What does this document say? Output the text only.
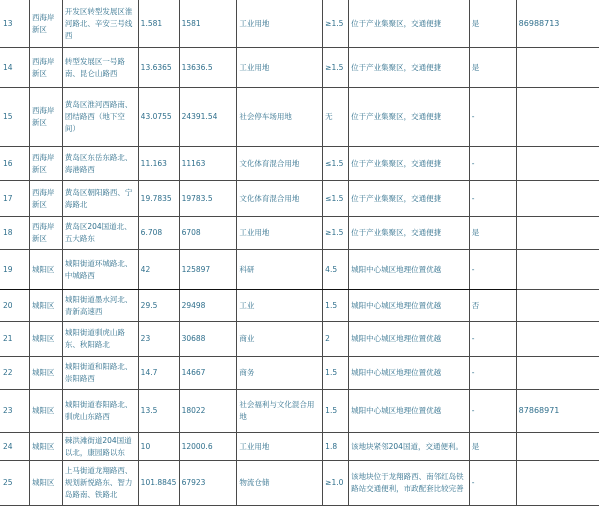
13	西海岸新区	开发区转型发展区淮河路北、辛安三号线西	1.581	1581	工业用地	≥1.5	位于产业集聚区，交通便捷	是	86988713
14	西海岸新区	转型发展区一号路南、昆仑山路西	13.6365	13636.5	工业用地	≥1.5	位于产业集聚区，交通便捷	是	
15	西海岸新区	黄岛区淮河西路南、团结路西（地下空间）	43.0755	24391.54	社会停车场用地	无	位于产业集聚区，交通便捷	-	
16	西海岸新区	黄岛区东岳东路北、海港路西	11.163	11163	文化体育混合用地	≤1.5	位于产业集聚区，交通便捷	-	
17	西海岸新区	黄岛区朝阳路西、宁海路北	19.7835	19783.5	文化体育混合用地	≤1.5	位于产业集聚区，交通便捷	-	
18	西海岸新区	黄岛区204国道北、五大路东	6.708	6708	工业用地	≥1.5	位于产业集聚区，交通便捷	是	
19	城阳区	城阳街道环城路北、中城路西	42	125897	科研	4.5	城阳中心城区地理位置优越	-	
20	城阳区	城阳街道墨水河北、青新高速西	29.5	29498	工业	1.5	城阳中心城区地理位置优越	否	
21	城阳区	城阳街道驯虎山路东、秋阳路北	23	30688	商业	2	城阳中心城区地理位置优越	-	
22	城阳区	城阳街道和阳路北、崇阳路西	14.7	14667	商务	1.5	城阳中心城区地理位置优越	-	
23	城阳区	城阳街道春阳路北、驯虎山东路西	13.5	18022	社会福利与文化混合用地	1.5	城阳中心城区地理位置优越	-	87868971
24	城阳区	棘洪滩街道204国道以北，康园路以东	10	12000.6	工业用地	1.8	该地块紧邻204国道，交通便利。	是	
25	城阳区	上马街道龙翔路西、规划新悦路东、智力岛路南、铁路北	101.8845	67923	物流仓储	≥1.0	该地块位于龙翔路西、南邻红岛铁路站交通便利，市政配套比较完善	-	
